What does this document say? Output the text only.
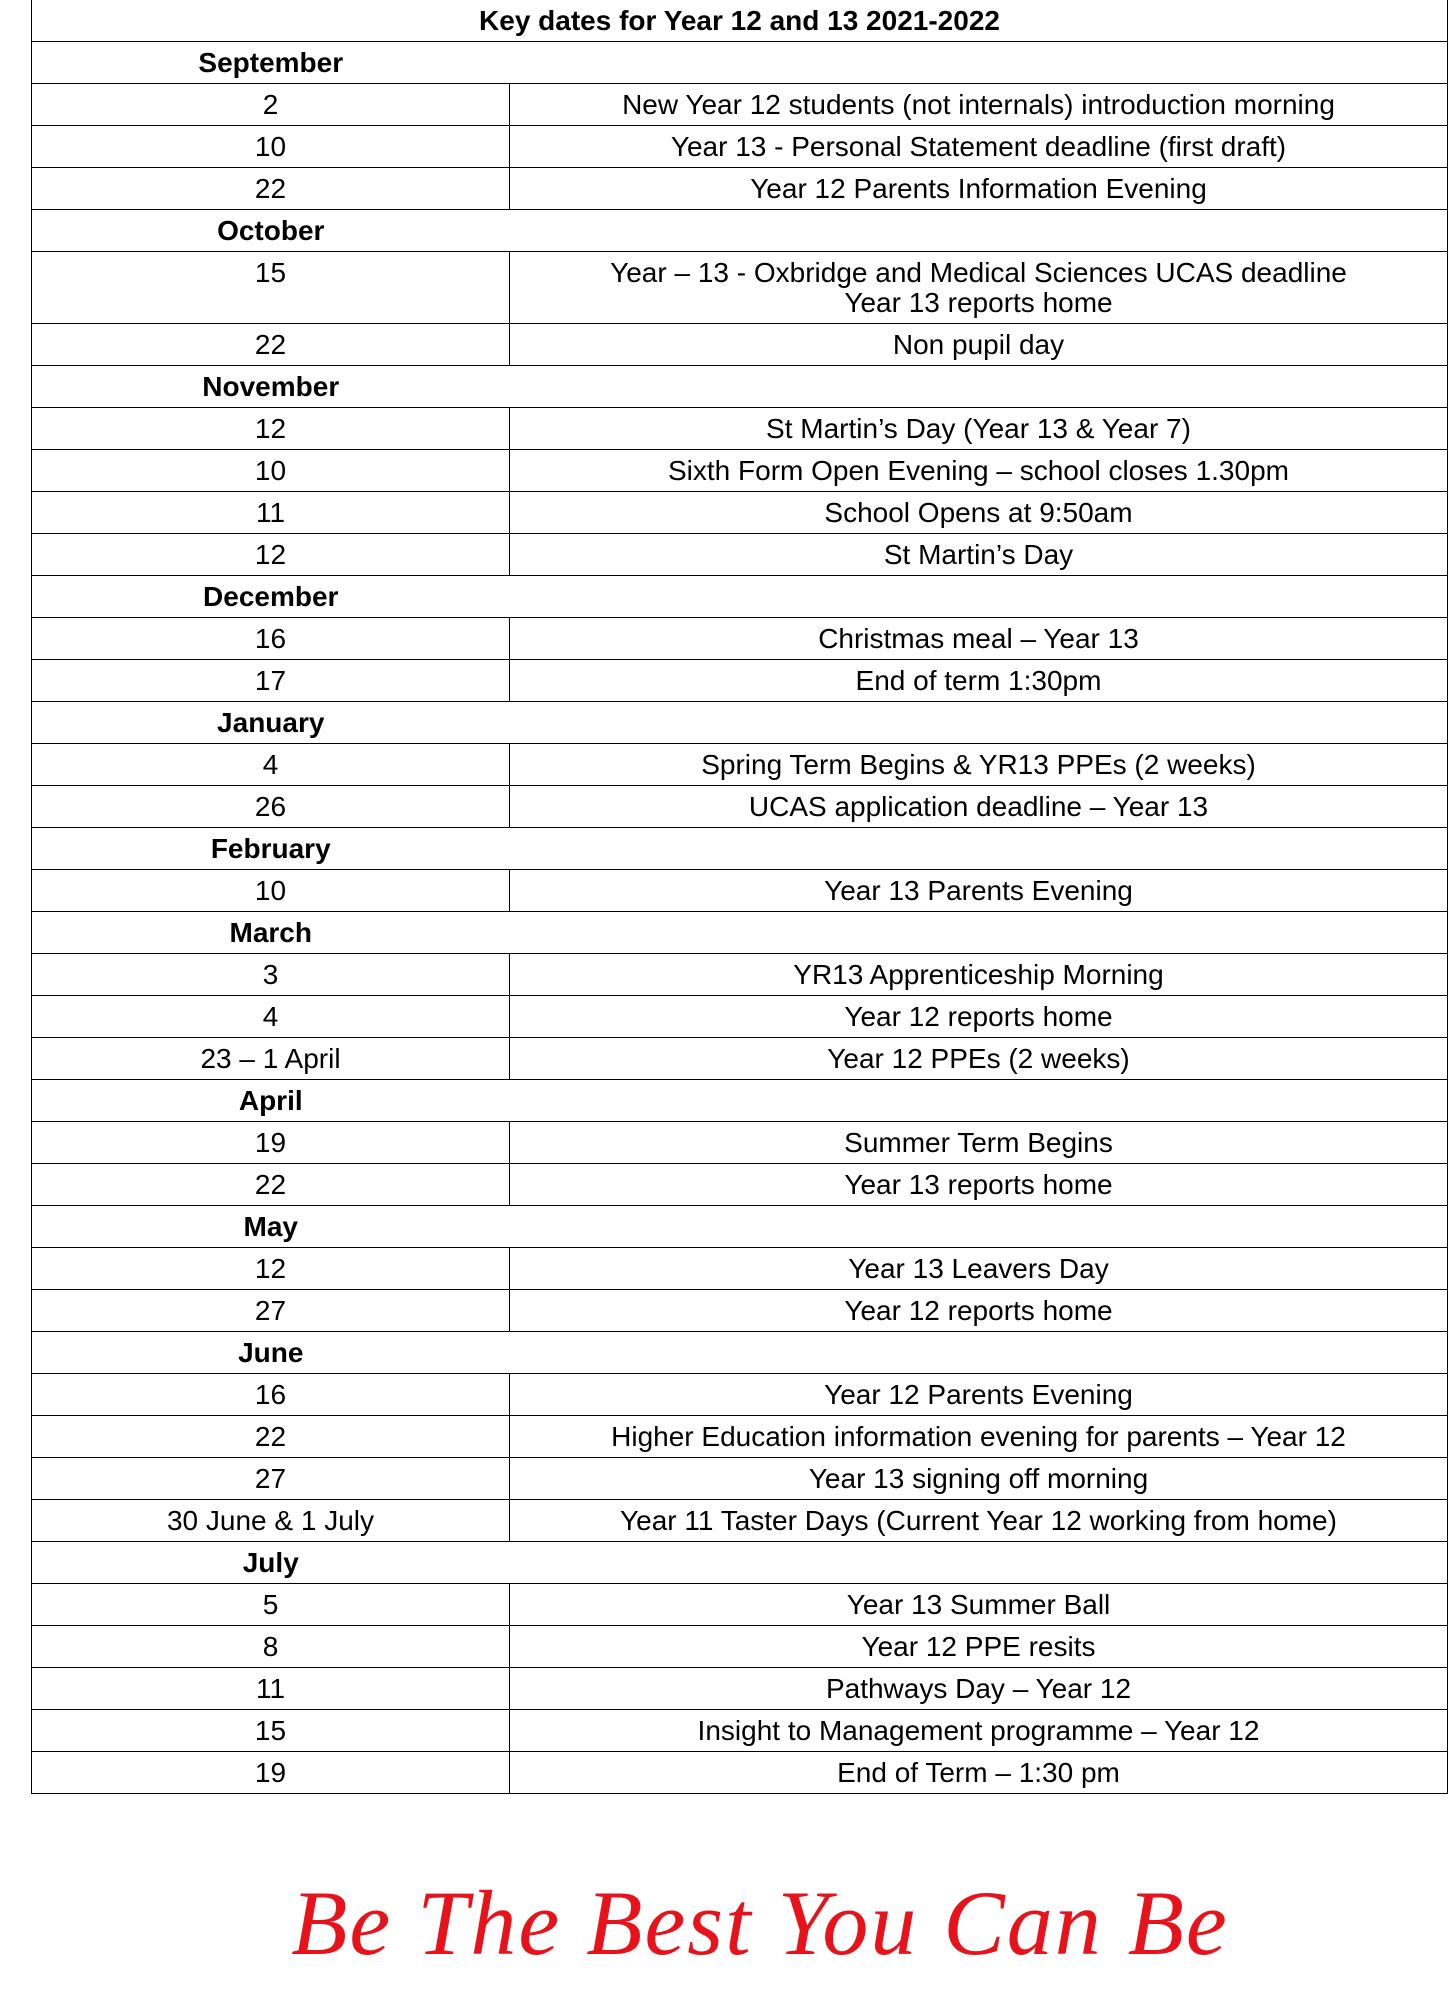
Key dates for Year 12 and 13 2021-2022	
September	
2	New Year 12 students (not internals) introduction morning
10	Year 13 - Personal Statement deadline (first draft)
22	Year 12 Parents Information Evening
October	
15	Year – 13 - Oxbridge and Medical Sciences UCAS deadline
Year 13 reports home
22	Non pupil day
November	
12	St Martin’s Day (Year 13 & Year 7)
10	Sixth Form Open Evening – school closes 1.30pm
11	School Opens at 9:50am
12	St Martin’s Day
December	
16	Christmas meal – Year 13
17	End of term 1:30pm
January	
4	Spring Term Begins & YR13 PPEs (2 weeks)
26	UCAS application deadline – Year 13
February	
10	Year 13 Parents Evening
March	
3	YR13 Apprenticeship Morning
4	Year 12 reports home
23 – 1 April	Year 12 PPEs (2 weeks)
April	
19	Summer Term Begins
22	Year 13 reports home
May	
12	Year 13 Leavers Day
27	Year 12 reports home
June	
16	Year 12 Parents Evening
22	Higher Education information evening for parents – Year 12
27	Year 13 signing off morning
30 June & 1 July	Year 11 Taster Days (Current Year 12 working from home)
July	
5	Year 13 Summer Ball
8	Year 12 PPE resits
11	Pathways Day – Year 12
15	Insight to Management programme – Year 12
19	End of Term – 1:30 pm
Be The Best You Can Be
